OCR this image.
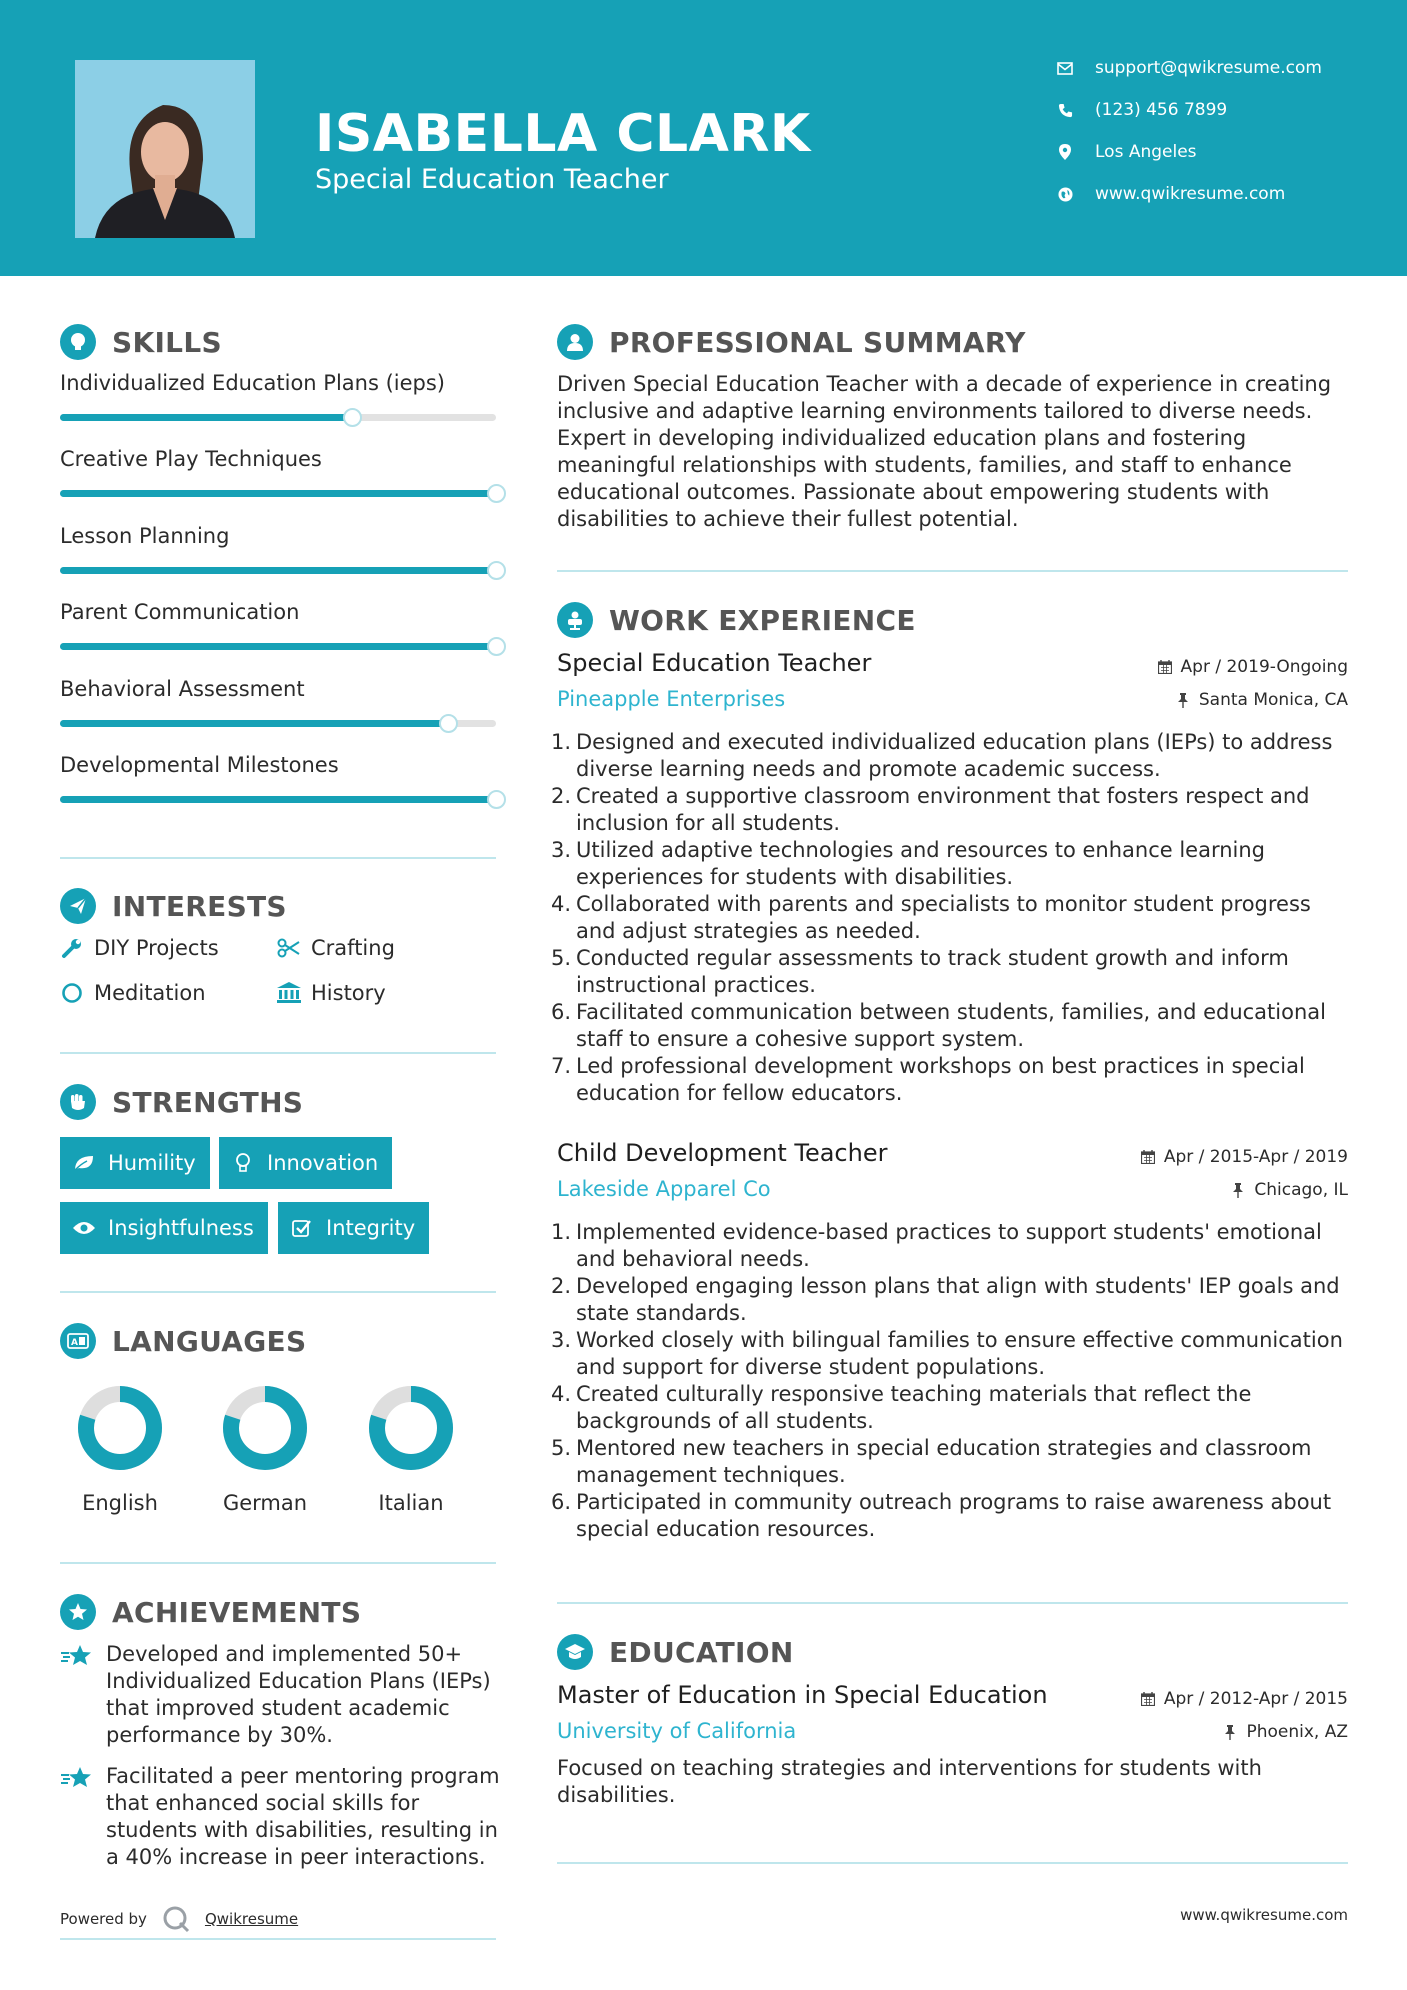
ISABELLA CLARK
Special Education Teacher
support@qwikresume.com
(123) 456 7899
Los Angeles
www.qwikresume.com
SKILLS
Individualized Education Plans (ieps)
Creative Play Techniques
Lesson Planning
Parent Communication
Behavioral Assessment
Developmental Milestones
INTERESTS
DIY Projects	Crafting
Meditation	History
STRENGTHS
Humility	Innovation
Insightfulness	Integrity
A LANGUAGES
English	German	Italian
ACHIEVEMENTS
Developed and implemented 50+ Individualized Education Plans (IEPs) that improved student academic performance by 30%.
Facilitated a peer mentoring program that enhanced social skills for students with disabilities, resulting in a 40% increase in peer interactions.
Powered by	Qwikresume
PROFESSIONAL SUMMARY
Driven Special Education Teacher with a decade of experience in creating inclusive and adaptive learning environments tailored to diverse needs. Expert in developing individualized education plans and fostering meaningful relationships with students, families, and staff to enhance educational outcomes. Passionate about empowering students with disabilities to achieve their fullest potential.
WORK EXPERIENCE
Special Education Teacher	Apr / 2019-Ongoing
Pineapple Enterprises	Santa Monica, CA
1. Designed and executed individualized education plans (IEPs) to address diverse learning needs and promote academic success.
2. Created a supportive classroom environment that fosters respect and inclusion for all students.
3. Utilized adaptive technologies and resources to enhance learning experiences for students with disabilities.
4. Collaborated with parents and specialists to monitor student progress and adjust strategies as needed.
5. Conducted regular assessments to track student growth and inform instructional practices.
6. Facilitated communication between students, families, and educational staff to ensure a cohesive support system.
7. Led professional development workshops on best practices in special education for fellow educators.
Child Development Teacher	Apr / 2015-Apr / 2019
Lakeside Apparel Co	Chicago, IL
1. Implemented evidence-based practices to support students' emotional and behavioral needs.
2. Developed engaging lesson plans that align with students' IEP goals and state standards.
3. Worked closely with bilingual families to ensure effective communication and support for diverse student populations.
4. Created culturally responsive teaching materials that reflect the backgrounds of all students.
5. Mentored new teachers in special education strategies and classroom management techniques.
6. Participated in community outreach programs to raise awareness about special education resources.
EDUCATION
Master of Education in Special Education	Apr / 2012-Apr / 2015
University of California	Phoenix, AZ
Focused on teaching strategies and interventions for students with disabilities.
www.qwikresume.com
